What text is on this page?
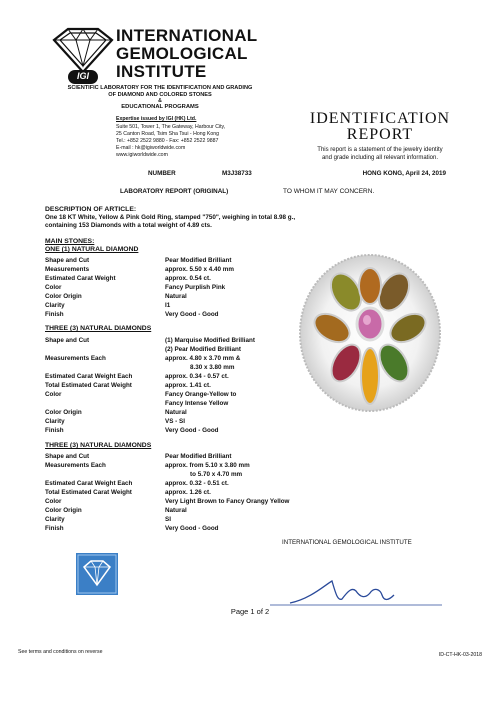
IGI
INTERNATIONAL
GEMOLOGICAL
INSTITUTE
SCIENTIFIC LABORATORY FOR THE IDENTIFICATION AND GRADING
OF DIAMOND AND COLORED STONES
&
EDUCATIONAL PROGRAMS
Expertise issued by IGI (HK) Ltd.
Suite 501, Tower 1, The Gateway, Harbour City,
25 Canton Road, Tsim Sha Tsui - Hong Kong
Tel.: +852 2522 9880 - Fax: +852 2522 9887
E-mail : hk@igiworldwide.com
www.igiworldwide.com
IDENTIFICATION
REPORT
This report is a statement of the jewelry identity
and grade including all relevant information.
NUMBER	M3J38733	HONG KONG, April 24, 2019
LABORATORY REPORT (ORIGINAL)	TO WHOM IT MAY CONCERN.
DESCRIPTION OF ARTICLE:
One 18 KT White, Yellow & Pink Gold Ring, stamped "750", weighing in total 8.98 g.,
containing 153 Diamonds with a total weight of 4.89 cts.
MAIN STONES:
ONE (1) NATURAL DIAMOND
Shape and Cut	Pear Modified Brilliant
Measurements	approx. 5.50 x 4.40 mm
Estimated Carat Weight	approx. 0.54 ct.
Color	Fancy Purplish Pink
Color Origin	Natural
Clarity	I1
Finish	Very Good - Good
THREE (3) NATURAL DIAMONDS
Shape and Cut	(1) Marquise Modified Brilliant
(2) Pear Modified Brilliant
Measurements Each	approx. 4.80 x 3.70 mm &
8.30 x 3.80 mm
Estimated Carat Weight Each	approx. 0.34 - 0.57 ct.
Total Estimated Carat Weight	approx. 1.41 ct.
Color	Fancy Orange-Yellow to
Fancy Intense Yellow
Color Origin	Natural
Clarity	VS - SI
Finish	Very Good - Good
THREE (3) NATURAL DIAMONDS
Shape and Cut	Pear Modified Brilliant
Measurements Each	approx. from 5.10 x 3.80 mm
to 5.70 x 4.70 mm
Estimated Carat Weight Each	approx. 0.32 - 0.51 ct.
Total Estimated Carat Weight	approx. 1.26 ct.
Color	Very Light Brown to Fancy Orangy Yellow
Color Origin	Natural
Clarity	SI
Finish	Very Good - Good
INTERNATIONAL GEMOLOGICAL INSTITUTE
Page 1 of 2
See terms and conditions on reverse	ID-CT-HK-03-2018
